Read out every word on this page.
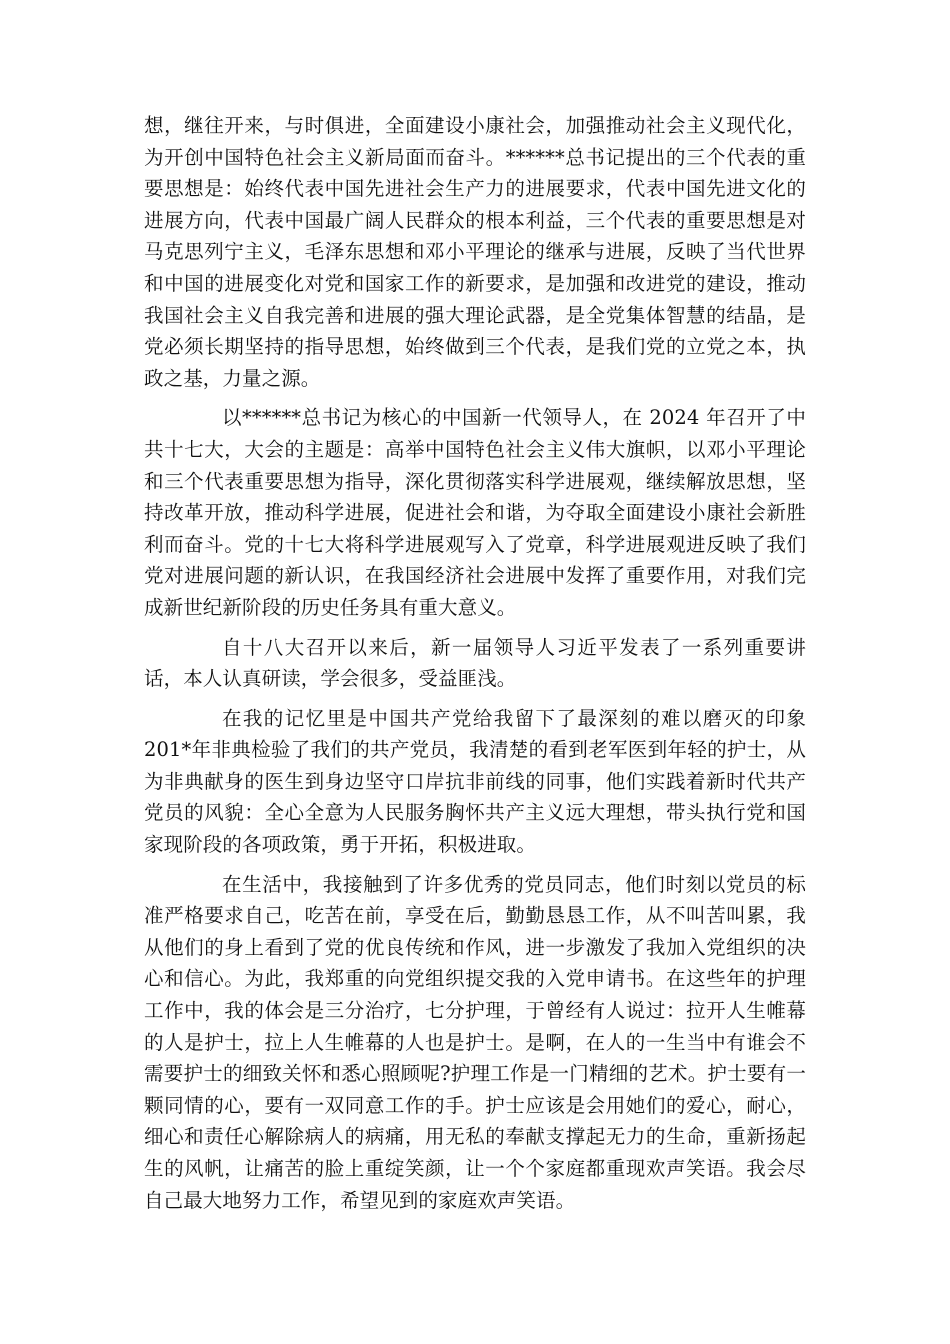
想，继往开来，与时俱进，全面建设小康社会，加强推动社会主义现代化，为开创中国特色社会主义新局面而奋斗。******总书记提出的三个代表的重要思想是：始终代表中国先进社会生产力的进展要求，代表中国先进文化的进展方向，代表中国最广阔人民群众的根本利益，三个代表的重要思想是对马克思列宁主义，毛泽东思想和邓小平理论的继承与进展，反映了当代世界和中国的进展变化对党和国家工作的新要求，是加强和改进党的建设，推动我国社会主义自我完善和进展的强大理论武器，是全党集体智慧的结晶，是党必须长期坚持的指导思想，始终做到三个代表，是我们党的立党之本，执政之基，力量之源。

以******总书记为核心的中国新一代领导人，在 2024 年召开了中共十七大，大会的主题是：高举中国特色社会主义伟大旗帜，以邓小平理论和三个代表重要思想为指导，深化贯彻落实科学进展观，继续解放思想，坚持改革开放，推动科学进展，促进社会和谐，为夺取全面建设小康社会新胜利而奋斗。党的十七大将科学进展观写入了党章，科学进展观进反映了我们党对进展问题的新认识，在我国经济社会进展中发挥了重要作用，对我们完成新世纪新阶段的历史任务具有重大意义。

自十八大召开以来后，新一届领导人习近平发表了一系列重要讲话，本人认真研读，学会很多，受益匪浅。

在我的记忆里是中国共产党给我留下了最深刻的难以磨灭的印象 201*年非典检验了我们的共产党员，我清楚的看到老军医到年轻的护士，从为非典献身的医生到身边坚守口岸抗非前线的同事，他们实践着新时代共产党员的风貌：全心全意为人民服务胸怀共产主义远大理想，带头执行党和国家现阶段的各项政策，勇于开拓，积极进取。

在生活中，我接触到了许多优秀的党员同志，他们时刻以党员的标准严格要求自己，吃苦在前，享受在后，勤勤恳恳工作，从不叫苦叫累，我从他们的身上看到了党的优良传统和作风，进一步激发了我加入党组织的决心和信心。为此，我郑重的向党组织提交我的入党申请书。在这些年的护理工作中，我的体会是三分治疗，七分护理，于曾经有人说过：拉开人生帷幕的人是护士，拉上人生帷幕的人也是护士。是啊，在人的一生当中有谁会不需要护士的细致关怀和悉心照顾呢?护理工作是一门精细的艺术。护士要有一颗同情的心，要有一双同意工作的手。护士应该是会用她们的爱心，耐心，细心和责任心解除病人的病痛，用无私的奉献支撑起无力的生命，重新扬起生的风帆，让痛苦的脸上重绽笑颜，让一个个家庭都重现欢声笑语。我会尽自己最大地努力工作，希望见到的家庭欢声笑语。
